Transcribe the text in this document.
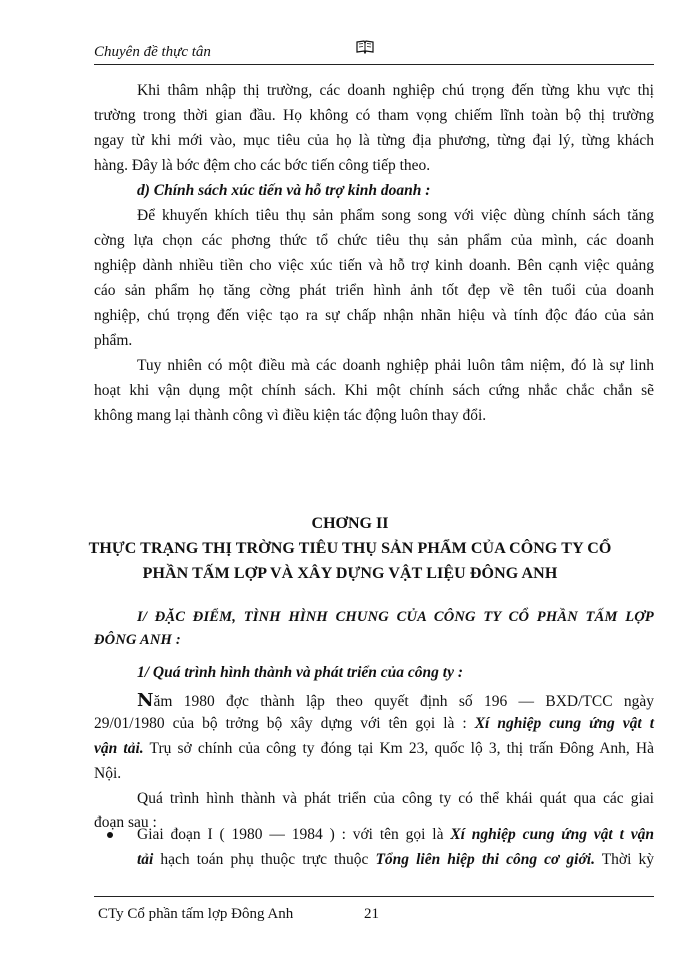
Chuyên đề thực tân
Khi thâm nhập thị trường, các doanh nghiệp chú trọng đến từng khu vực thị
trường trong thời gian đầu. Họ không có tham vọng chiếm lĩnh toàn bộ thị trường
ngay từ khi mới vào, mục tiêu của họ là từng địa phương, từng đại lý, từng khách
hàng. Đây là bớc đệm cho các bớc tiến công tiếp theo.
d) Chính sách xúc tiến và hỗ trợ kinh doanh :
Để khuyến khích tiêu thụ sản phẩm song song với việc dùng chính sách tăng
cờng lựa chọn các phơng thức tổ chức tiêu thụ sản phẩm của mình, các doanh
nghiệp dành nhiều tiền cho việc xúc tiến và hỗ trợ kinh doanh. Bên cạnh việc quảng
cáo sản phẩm họ tăng cờng phát triển hình ảnh tốt đẹp về tên tuổi của doanh
nghiệp, chú trọng đến việc tạo ra sự chấp nhận nhãn hiệu và tính độc đáo của sản
phẩm.
Tuy nhiên có một điều mà các doanh nghiệp phải luôn tâm niệm, đó là sự linh
hoạt khi vận dụng một chính sách. Khi một chính sách cứng nhắc chắc chắn sẽ
không mang lại thành công vì điều kiện tác động luôn thay đổi.
CHƠNG II
THỰC TRẠNG THỊ TRỜNG TIÊU THỤ SẢN PHẨM CỦA CÔNG TY CỔ
PHẦN TẤM LỢP VÀ XÂY DỰNG VẬT LIỆU ĐÔNG ANH
I/ ĐẶC ĐIỂM, TÌNH HÌNH CHUNG CỦA CÔNG TY CỔ PHẦN TẤM LỢP
ĐÔNG ANH :
1/ Quá trình hình thành và phát triển của công ty :
Năm 1980 đợc thành lập theo quyết định số 196 — BXD/TCC ngày
29/01/1980 của bộ trởng bộ xây dựng với tên gọi là : Xí nghiệp cung ứng vật t
vận tải. Trụ sở chính của công ty đóng tại Km 23, quốc lộ 3, thị trấn Đông Anh, Hà
Nội.
Quá trình hình thành và phát triển của công ty có thể khái quát qua các giai
đoạn sau :
Giai đoạn I ( 1980 — 1984 ) : với tên gọi là Xí nghiệp cung ứng vật t vận
tải hạch toán phụ thuộc trực thuộc Tổng liên hiệp thi công cơ giới. Thời kỳ
CTy Cổ phần tấm lợp Đông Anh	21
